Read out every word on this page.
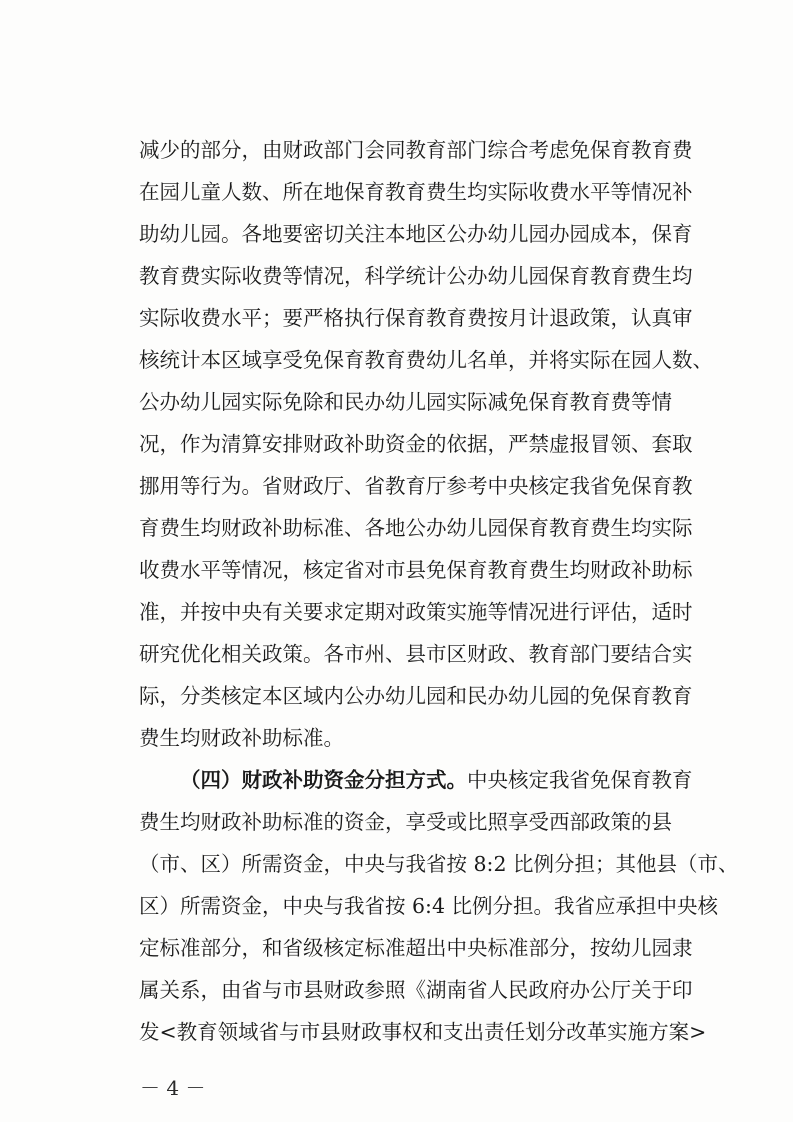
减少的部分，由财政部门会同教育部门综合考虑免保育教育费
在园儿童人数、所在地保育教育费生均实际收费水平等情况补
助幼儿园。各地要密切关注本地区公办幼儿园办园成本，保育
教育费实际收费等情况，科学统计公办幼儿园保育教育费生均
实际收费水平；要严格执行保育教育费按月计退政策，认真审
核统计本区域享受免保育教育费幼儿名单，并将实际在园人数、
公办幼儿园实际免除和民办幼儿园实际减免保育教育费等情
况，作为清算安排财政补助资金的依据，严禁虚报冒领、套取
挪用等行为。省财政厅、省教育厅参考中央核定我省免保育教
育费生均财政补助标准、各地公办幼儿园保育教育费生均实际
收费水平等情况，核定省对市县免保育教育费生均财政补助标
准，并按中央有关要求定期对政策实施等情况进行评估，适时
研究优化相关政策。各市州、县市区财政、教育部门要结合实
际，分类核定本区域内公办幼儿园和民办幼儿园的免保育教育
费生均财政补助标准。
（四）财政补助资金分担方式。中央核定我省免保育教育
费生均财政补助标准的资金，享受或比照享受西部政策的县
（市、区）所需资金，中央与我省按 8:2 比例分担；其他县（市、
区）所需资金，中央与我省按 6:4 比例分担。我省应承担中央核
定标准部分，和省级核定标准超出中央标准部分，按幼儿园隶
属关系，由省与市县财政参照《湖南省人民政府办公厅关于印
－ 4 －
发<教育领域省与市县财政事权和支出责任划分改革实施方案>
